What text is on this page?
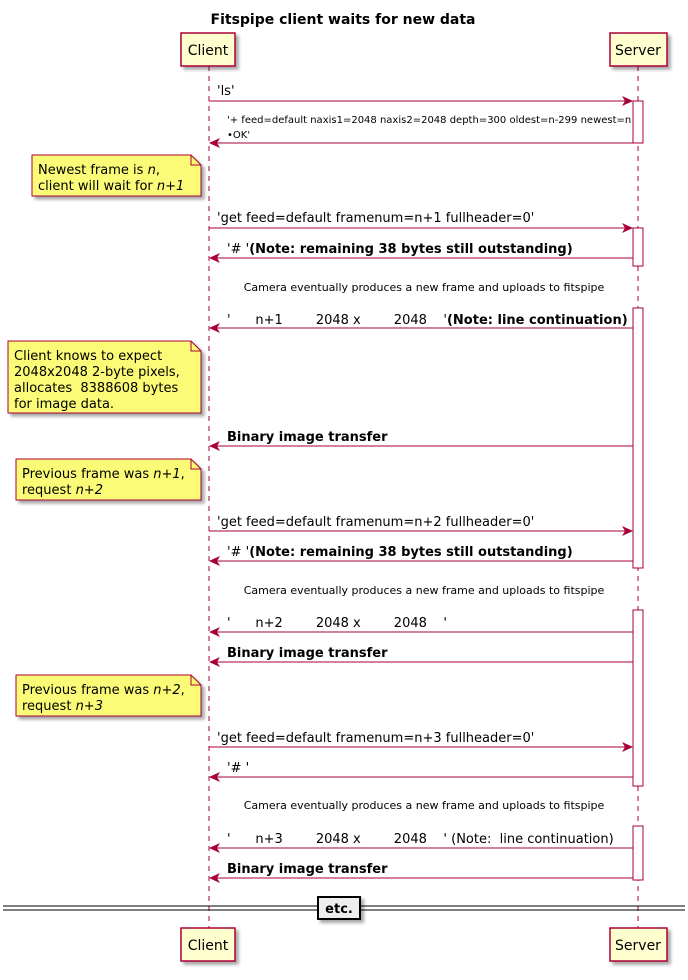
Fitspipe client waits for new data
Client	Server
'ls'
'+ feed=default naxis1=2048 naxis2=2048 depth=300 oldest=n-299 newest=n
•OK'
Newest frame is n,
client will wait for n+1
'get feed=default framenum=n+1 fullheader=0'
'# '(Note: remaining 38 bytes still outstanding)
Camera eventually produces a new frame and uploads to fitspipe
'      n+1        2048 x        2048    '(Note: line continuation)
Client knows to expect
2048x2048 2-byte pixels,
allocates  8388608 bytes
for image data.
Binary image transfer
Previous frame was n+1,
request n+2
'get feed=default framenum=n+2 fullheader=0'
'# '(Note: remaining 38 bytes still outstanding)
Camera eventually produces a new frame and uploads to fitspipe
'      n+2        2048 x        2048    '
Binary image transfer
Previous frame was n+2,
request n+3
'get feed=default framenum=n+3 fullheader=0'
'# '
Camera eventually produces a new frame and uploads to fitspipe
'      n+3        2048 x        2048    ' (Note:  line continuation)
Binary image transfer
etc.
Client	Server
